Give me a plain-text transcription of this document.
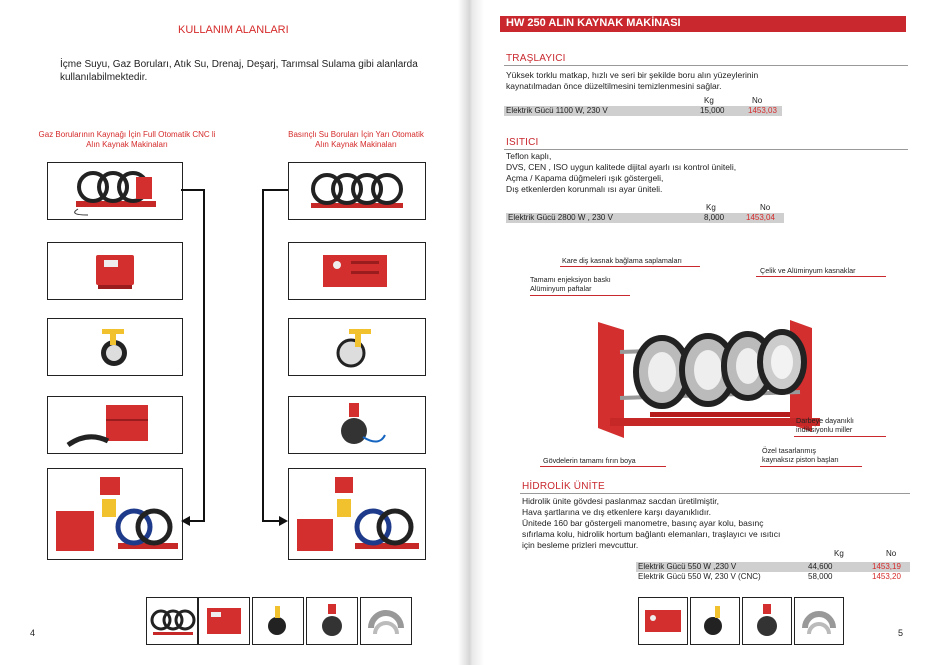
KULLANIM ALANLARI
İçme Suyu, Gaz Boruları, Atık Su, Drenaj, Deşarj, Tarımsal Sulama gibi alanlarda kullanılabilmektedir.
Gaz Borularının Kaynağı İçin Full Otomatik CNC li
Alın Kaynak Makinaları
Basınçlı Su Boruları İçin Yarı Otomatik
Alın Kaynak Makinaları
4
HW 250 ALIN KAYNAK MAKİNASI
TRAŞLAYICI
Yüksek torklu matkap, hızlı ve seri bir şekilde boru alın yüzeylerinin
kaynatılmadan önce düzeltilmesini temizlenmesini sağlar.
Kg	No
Elektrik Gücü 1100 W, 230 V	15,000	1453,03
ISITICI
Teflon kaplı,
DVS, CEN , ISO uygun kalitede dijital ayarlı ısı kontrol üniteli,
Açma / Kapama düğmeleri ışık göstergeli,
Dış etkenlerden korunmalı ısı ayar üniteli.
Kg	No
Elektrik Gücü 2800 W , 230 V	8,000	1453,04
Kare diş kasnak bağlama saplamaları
Tamamı enjeksiyon baskı
Alüminyum paftalar
Çelik ve Alüminyum kasnaklar
Darbeye dayanıklı
indiksiyonlu miller
Özel tasarlanmış
kaynaksız piston başları
Gövdelerin tamamı fırın boya
HİDROLİK ÜNİTE
Hidrolik ünite gövdesi paslanmaz sacdan üretilmiştir,
Hava şartlarına ve dış etkenlere karşı dayanıklıdır.
Ünitede 160 bar göstergeli manometre, basınç ayar kolu, basınç
sıfırlama kolu, hidrolik hortum bağlantı elemanları, traşlayıcı ve ısıtıcı
için besleme prizleri mevcuttur.
Kg	No
Elektrik Gücü 550 W ,230 V	44,600	1453,19
Elektrik Gücü 550 W, 230 V (CNC)	58,000	1453,20
5
